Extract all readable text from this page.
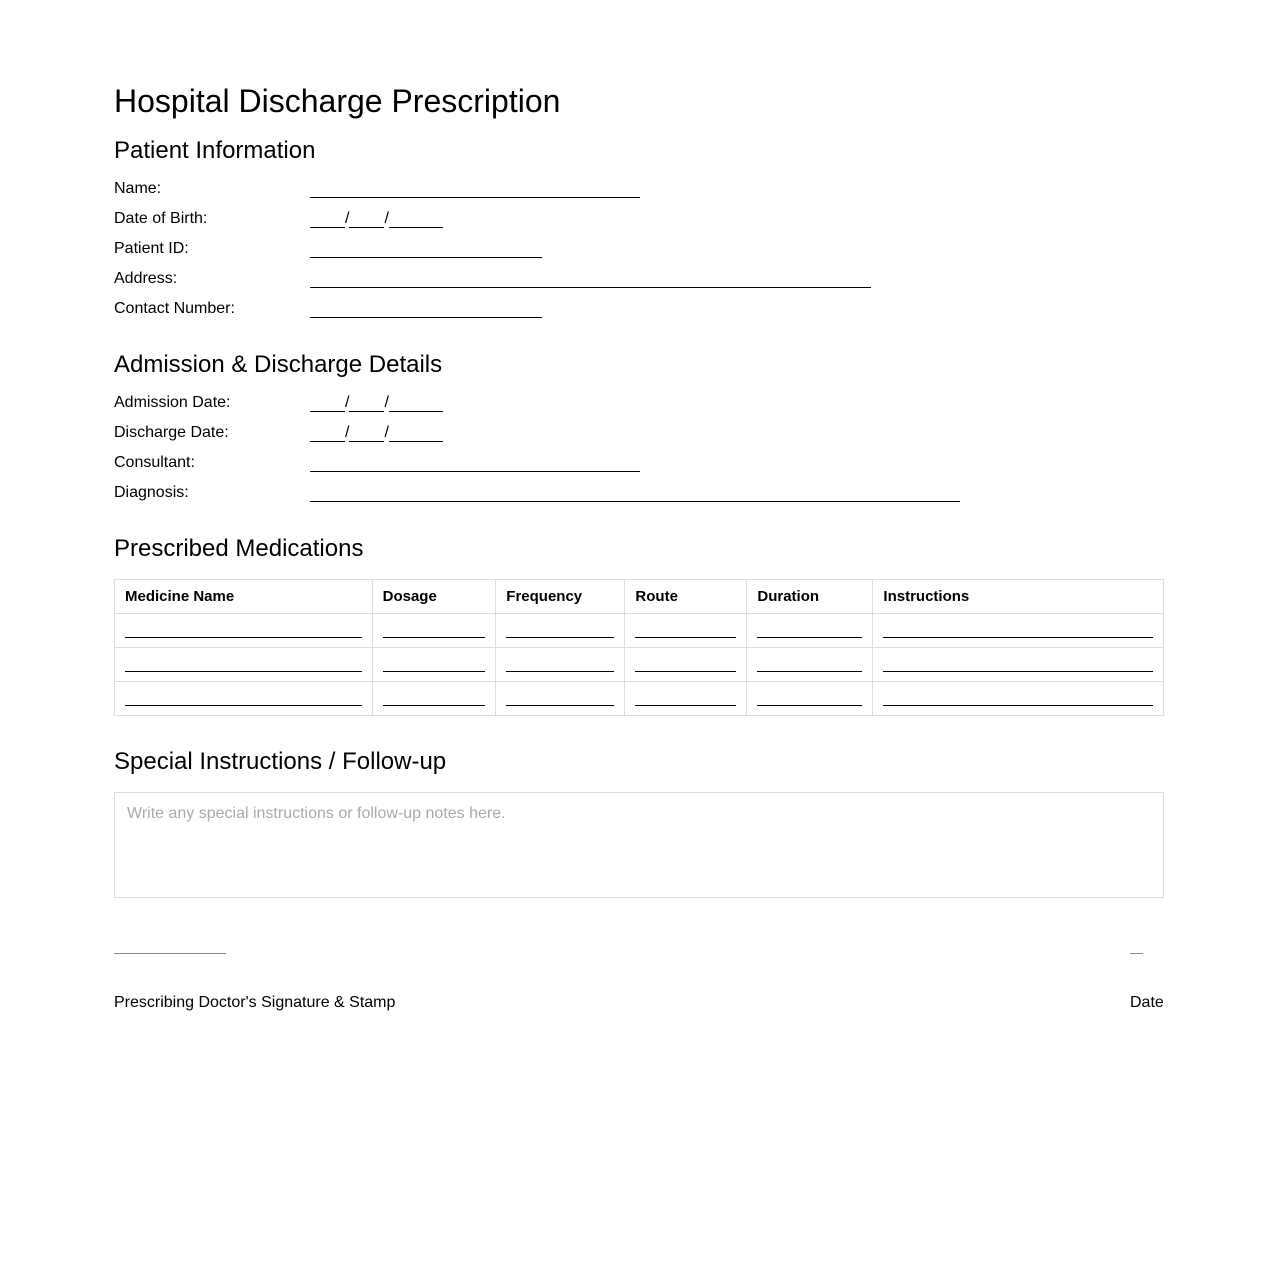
Hospital Discharge Prescription
Patient Information
Name:
Date of Birth:	/ /
Patient ID:
Address:
Contact Number:
Admission & Discharge Details
Admission Date:	/ /
Discharge Date:	/ /
Consultant:
Diagnosis:
Prescribed Medications
Medicine Name	Dosage	Frequency	Route	Duration	Instructions

Special Instructions / Follow-up
Write any special instructions or follow-up notes here.
Prescribing Doctor's Signature & Stamp	Date
